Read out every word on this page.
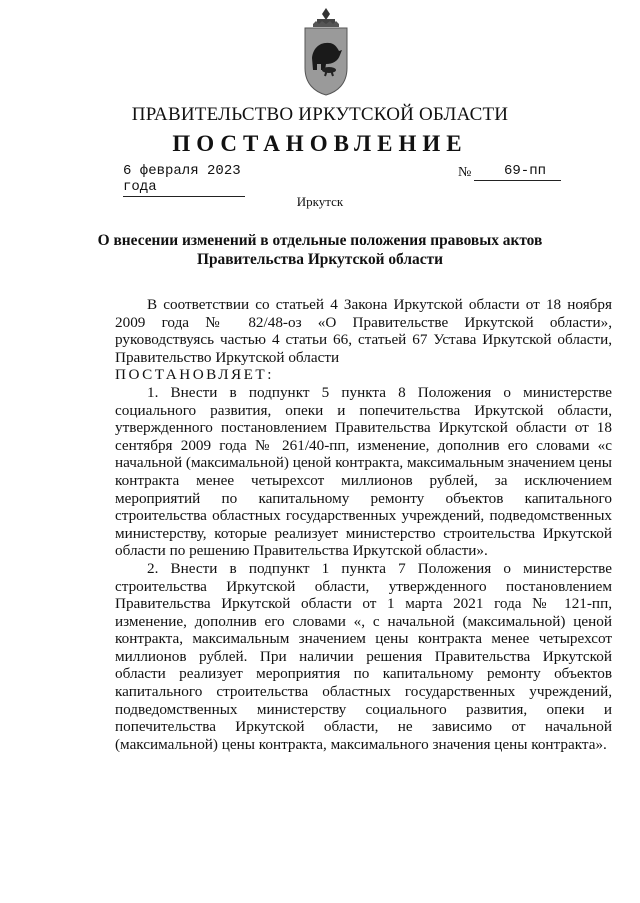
ПРАВИТЕЛЬСТВО ИРКУТСКОЙ ОБЛАСТИ
ПОСТАНОВЛЕНИЕ
6 февраля 2023 года
№	69-пп
Иркутск
О внесении изменений в отдельные положения правовых актов
Правительства Иркутской области

В соответствии со статьей 4 Закона Иркутской области от 18 ноября 2009 года № 82/48-оз «О Правительстве Иркутской области», руководствуясь частью 4 статьи 66, статьей 67 Устава Иркутской области, Правительство Иркутской области

ПОСТАНОВЛЯЕТ:

1. Внести в подпункт 5 пункта 8 Положения о министерстве социального развития, опеки и попечительства Иркутской области, утвержденного постановлением Правительства Иркутской области от 18 сентября 2009 года № 261/40-пп, изменение, дополнив его словами «с начальной (максимальной) ценой контракта, максимальным значением цены контракта менее четырехсот миллионов рублей, за исключением мероприятий по капитальному ремонту объектов капитального строительства областных государственных учреждений, подведомственных министерству, которые реализует министерство строительства Иркутской области по решению Правительства Иркутской области».

2. Внести в подпункт 1 пункта 7 Положения о министерстве строительства Иркутской области, утвержденного постановлением Правительства Иркутской области от 1 марта 2021 года № 121-пп, изменение, дополнив его словами «, с начальной (максимальной) ценой контракта, максимальным значением цены контракта менее четырехсот миллионов рублей. При наличии решения Правительства Иркутской области реализует мероприятия по капитальному ремонту объектов капитального строительства областных государственных учреждений, подведомственных министерству социального развития, опеки и попечительства Иркутской области, не зависимо от начальной (максимальной) цены контракта, максимального значения цены контракта».
